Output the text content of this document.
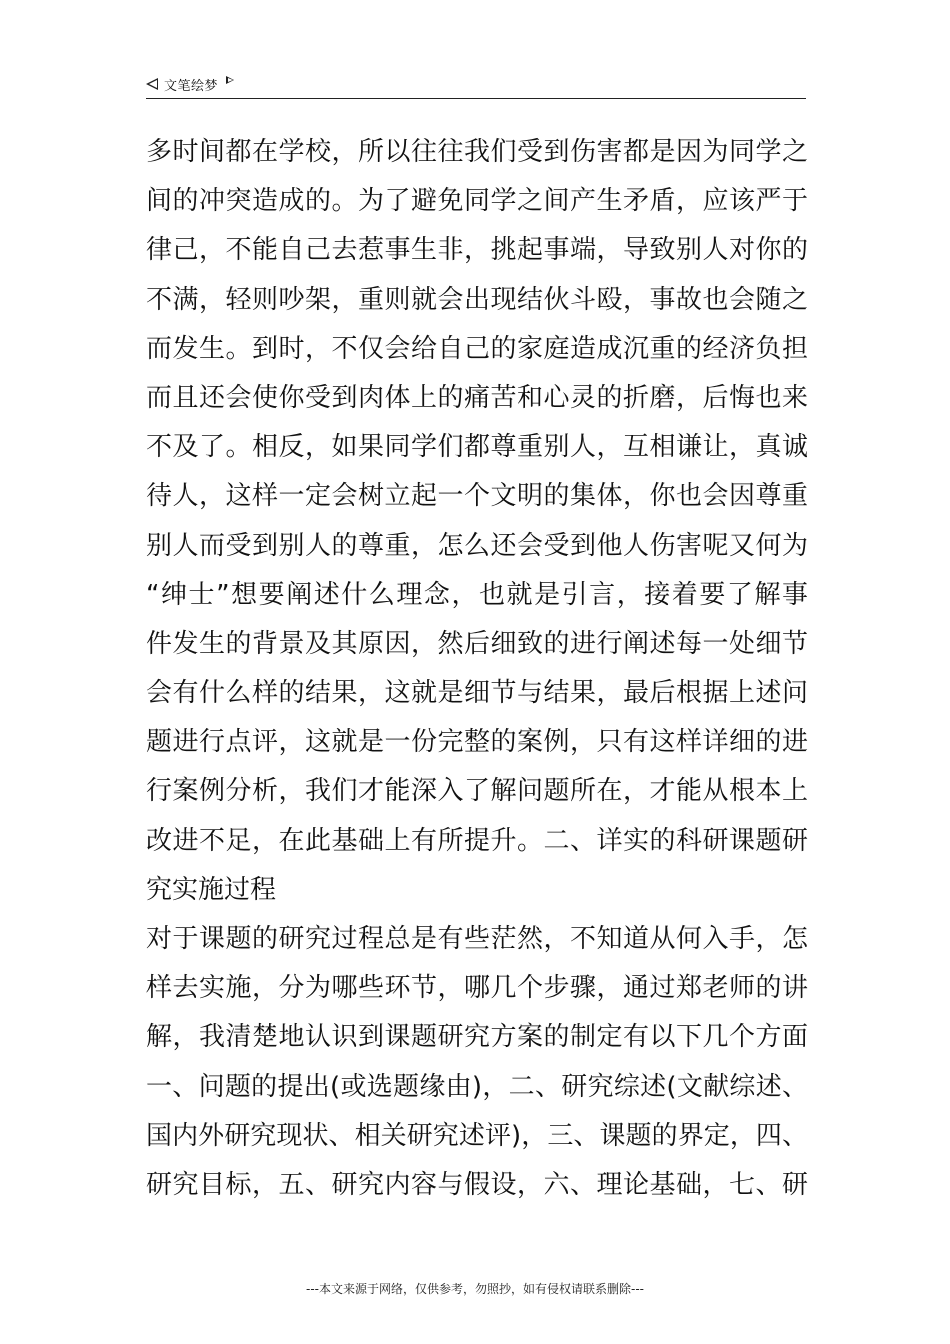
文笔绘梦
多时间都在学校，所以往往我们受到伤害都是因为同学之
间的冲突造成的。为了避免同学之间产生矛盾，应该严于
律己，不能自己去惹事生非，挑起事端，导致别人对你的
不满，轻则吵架，重则就会出现结伙斗殴，事故也会随之
而发生。到时，不仅会给自己的家庭造成沉重的经济负担
而且还会使你受到肉体上的痛苦和心灵的折磨，后悔也来
不及了。相反，如果同学们都尊重别人，互相谦让，真诚
待人，这样一定会树立起一个文明的集体，你也会因尊重
别人而受到别人的尊重，怎么还会受到他人伤害呢又何为
“绅士”想要阐述什么理念，也就是引言，接着要了解事
件发生的背景及其原因，然后细致的进行阐述每一处细节
会有什么样的结果，这就是细节与结果，最后根据上述问
题进行点评，这就是一份完整的案例，只有这样详细的进
行案例分析，我们才能深入了解问题所在，才能从根本上
改进不足，在此基础上有所提升。二、详实的科研课题研
究实施过程
对于课题的研究过程总是有些茫然，不知道从何入手，怎
样去实施，分为哪些环节，哪几个步骤，通过郑老师的讲
解，我清楚地认识到课题研究方案的制定有以下几个方面
一、问题的提出(或选题缘由)，二、研究综述(文献综述、
国内外研究现状、相关研究述评)，三、课题的界定，四、
研究目标，五、研究内容与假设，六、理论基础，七、研
---本文来源于网络，仅供参考，勿照抄，如有侵权请联系删除---
